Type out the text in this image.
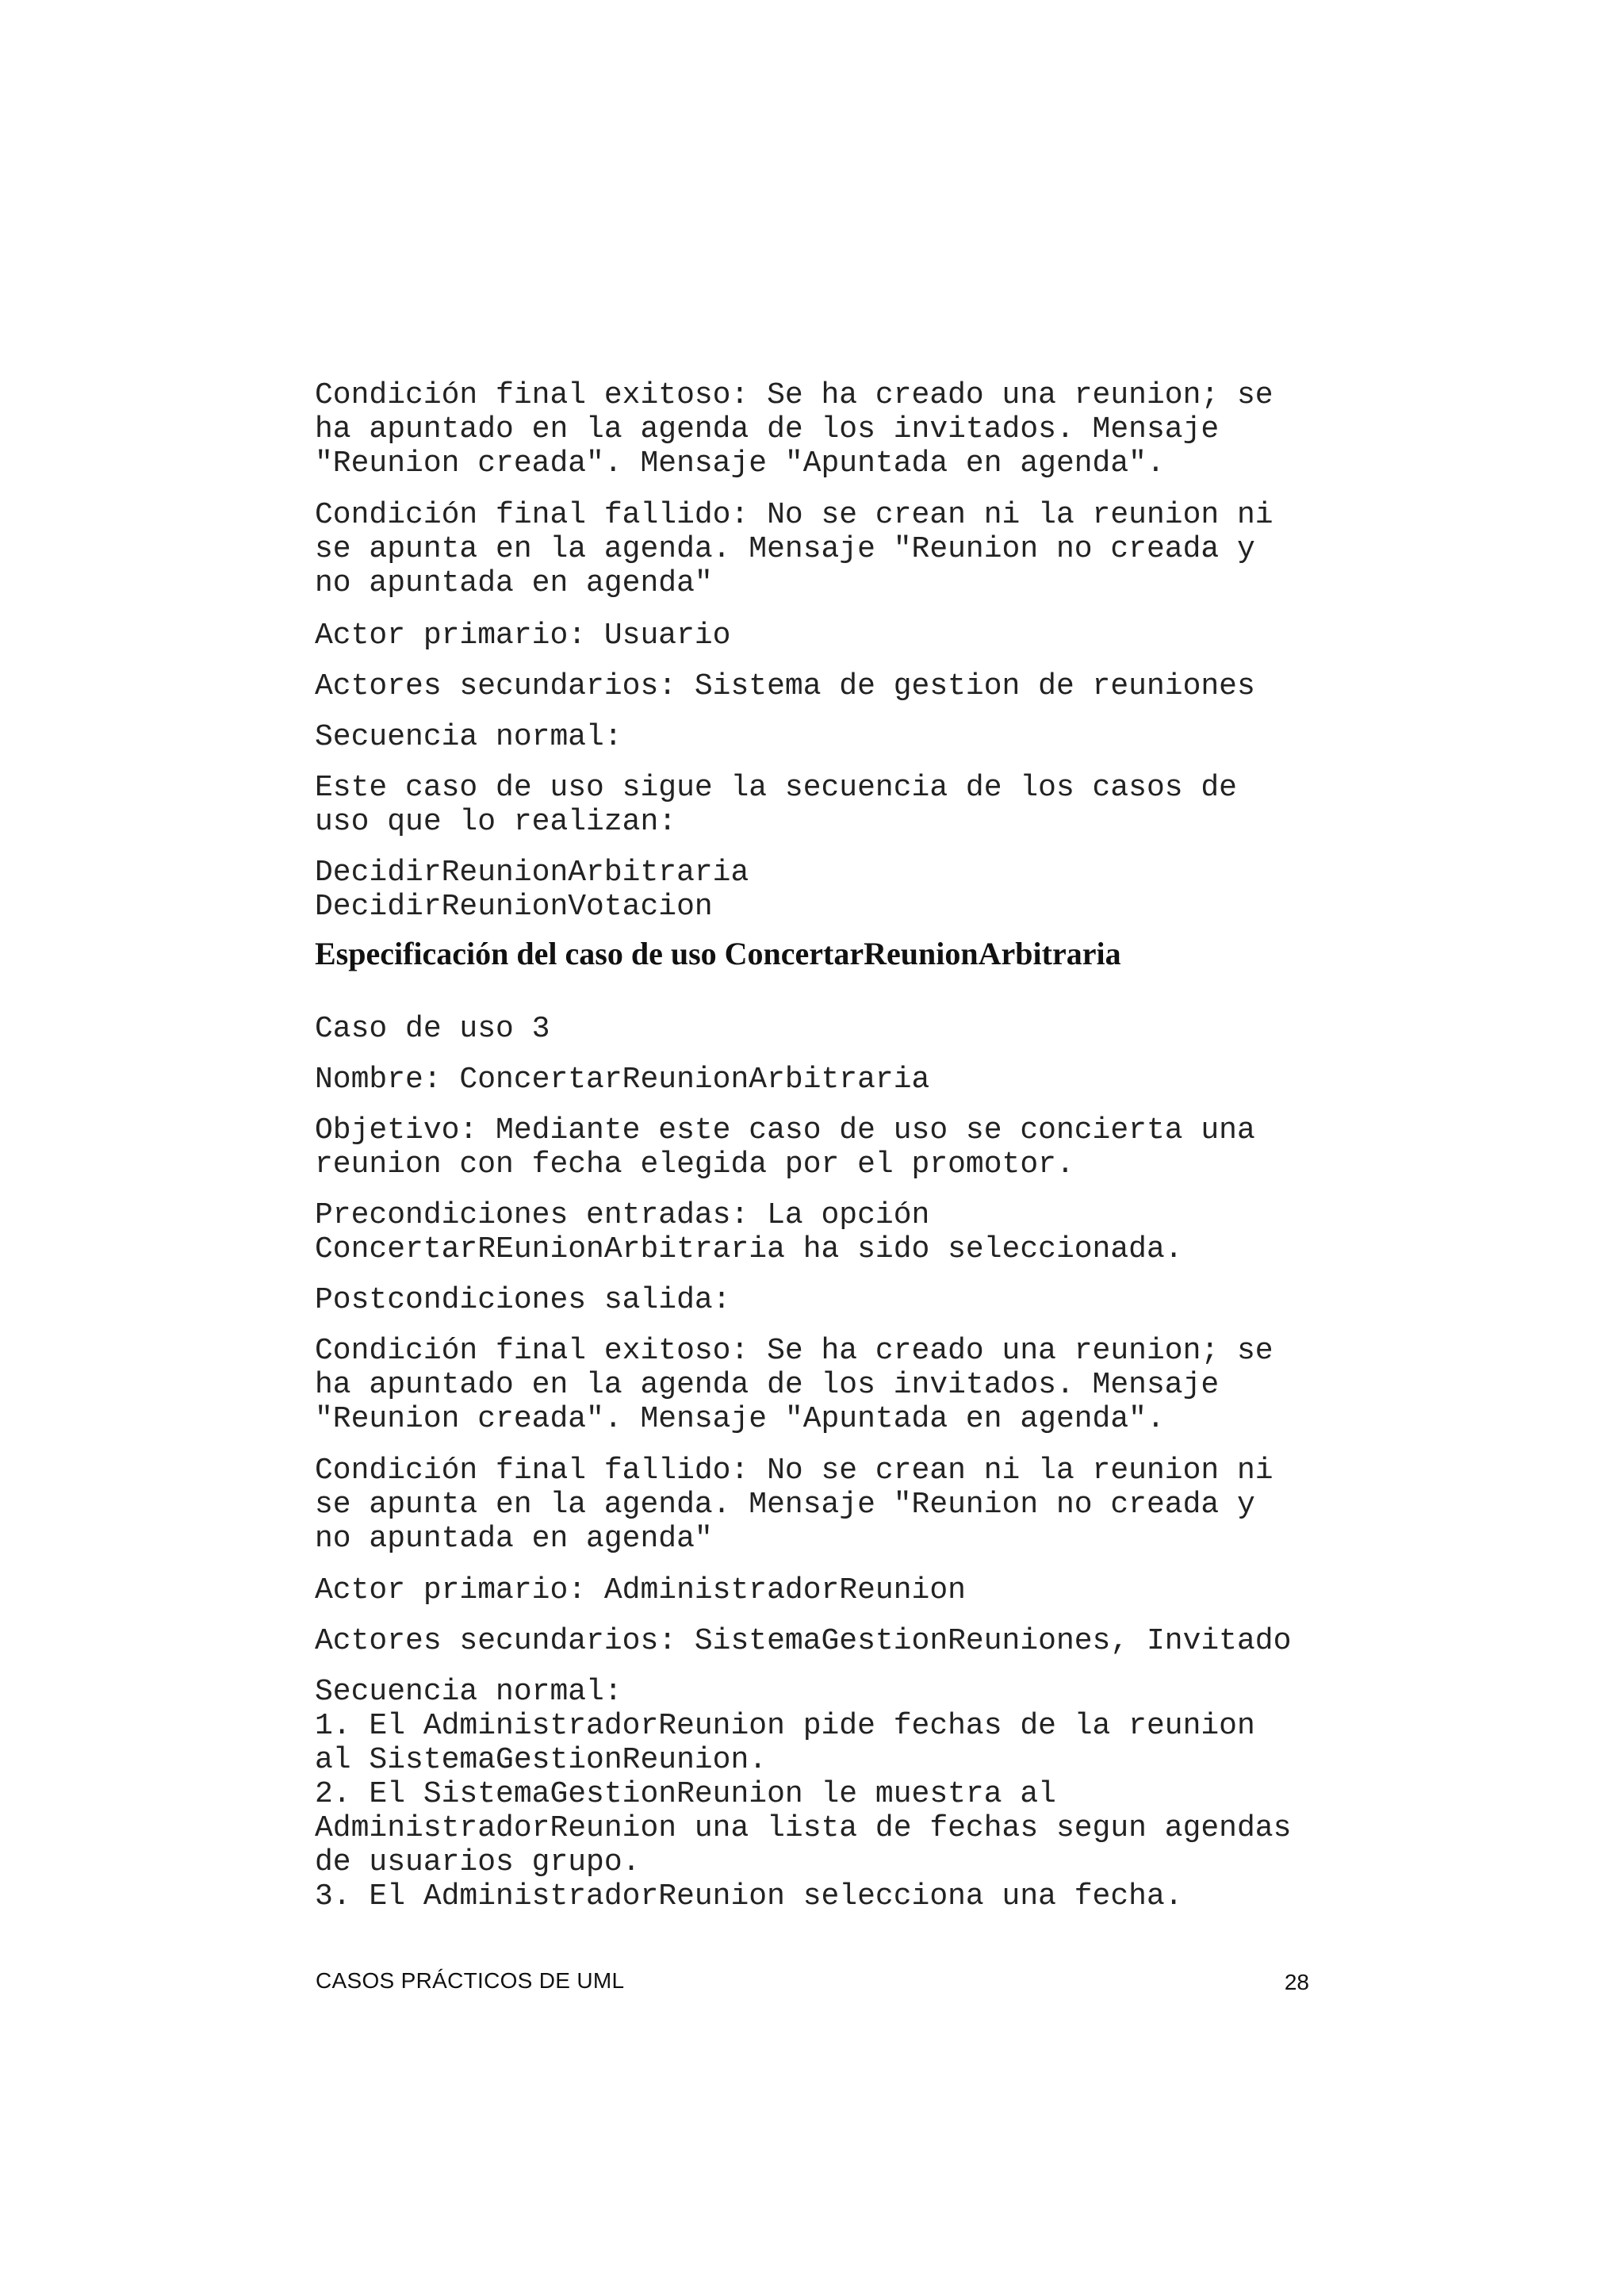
Condición final exitoso: Se ha creado una reunion; se
ha apuntado en la agenda de los invitados. Mensaje
"Reunion creada". Mensaje "Apuntada en agenda".

Condición final fallido: No se crean ni la reunion ni
se apunta en la agenda. Mensaje "Reunion no creada y
no apuntada en agenda"

Actor primario: Usuario

Actores secundarios: Sistema de gestion de reuniones

Secuencia normal:

Este caso de uso sigue la secuencia de los casos de
uso que lo realizan:

DecidirReunionArbitraria
DecidirReunionVotacion

Especificación del caso de uso ConcertarReunionArbitraria

Caso de uso 3

Nombre: ConcertarReunionArbitraria

Objetivo: Mediante este caso de uso se concierta una
reunion con fecha elegida por el promotor.

Precondiciones entradas: La opción
ConcertarREunionArbitraria ha sido seleccionada.

Postcondiciones salida:

Condición final exitoso: Se ha creado una reunion; se
ha apuntado en la agenda de los invitados. Mensaje
"Reunion creada". Mensaje "Apuntada en agenda".

Condición final fallido: No se crean ni la reunion ni
se apunta en la agenda. Mensaje "Reunion no creada y
no apuntada en agenda"

Actor primario: AdministradorReunion

Actores secundarios: SistemaGestionReuniones, Invitado

Secuencia normal:
1. El AdministradorReunion pide fechas de la reunion
al SistemaGestionReunion.
2. El SistemaGestionReunion le muestra al
AdministradorReunion una lista de fechas segun agendas
de usuarios grupo.
3. El AdministradorReunion selecciona una fecha.

CASOS PRÁCTICOS DE UML	28
